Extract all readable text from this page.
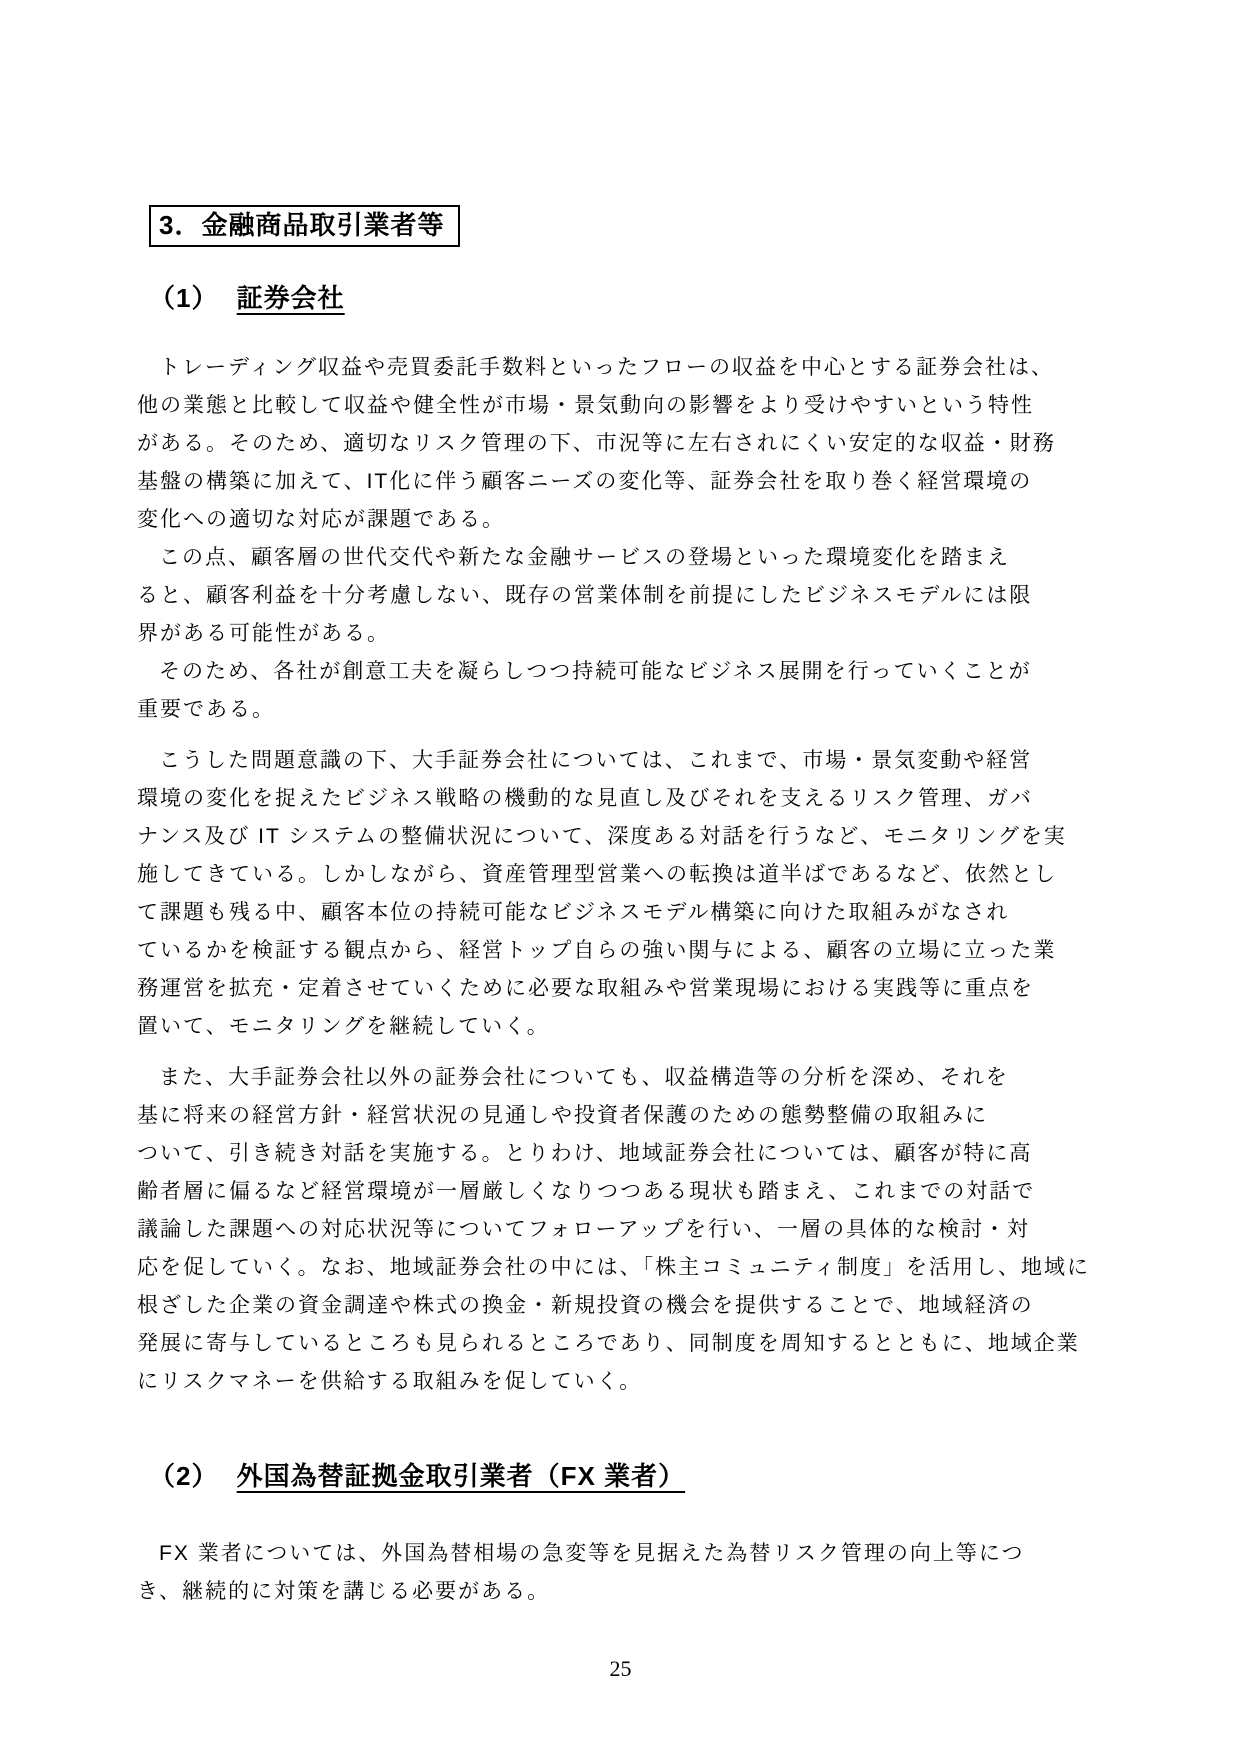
3．金融商品取引業者等
（1） 証券会社
トレーディング収益や売買委託手数料といったフローの収益を中心とする証券会社は、
他の業態と比較して収益や健全性が市場・景気動向の影響をより受けやすいという特性
がある。そのため、適切なリスク管理の下、市況等に左右されにくい安定的な収益・財務
基盤の構築に加えて、IT化に伴う顧客ニーズの変化等、証券会社を取り巻く経営環境の
変化への適切な対応が課題である。
この点、顧客層の世代交代や新たな金融サービスの登場といった環境変化を踏まえ
ると、顧客利益を十分考慮しない、既存の営業体制を前提にしたビジネスモデルには限
界がある可能性がある。
そのため、各社が創意工夫を凝らしつつ持続可能なビジネス展開を行っていくことが
重要である。
こうした問題意識の下、大手証券会社については、これまで、市場・景気変動や経営
環境の変化を捉えたビジネス戦略の機動的な見直し及びそれを支えるリスク管理、ガバ
ナンス及び IT システムの整備状況について、深度ある対話を行うなど、モニタリングを実
施してきている。しかしながら、資産管理型営業への転換は道半ばであるなど、依然とし
て課題も残る中、顧客本位の持続可能なビジネスモデル構築に向けた取組みがなされ
ているかを検証する観点から、経営トップ自らの強い関与による、顧客の立場に立った業
務運営を拡充・定着させていくために必要な取組みや営業現場における実践等に重点を
置いて、モニタリングを継続していく。
また、大手証券会社以外の証券会社についても、収益構造等の分析を深め、それを
基に将来の経営方針・経営状況の見通しや投資者保護のための態勢整備の取組みに
ついて、引き続き対話を実施する。とりわけ、地域証券会社については、顧客が特に高
齢者層に偏るなど経営環境が一層厳しくなりつつある現状も踏まえ、これまでの対話で
議論した課題への対応状況等についてフォローアップを行い、一層の具体的な検討・対
応を促していく。なお、地域証券会社の中には、「株主コミュニティ制度」を活用し、地域に
根ざした企業の資金調達や株式の換金・新規投資の機会を提供することで、地域経済の
発展に寄与しているところも見られるところであり、同制度を周知するとともに、地域企業
にリスクマネーを供給する取組みを促していく。
（2） 外国為替証拠金取引業者（FX 業者）
FX 業者については、外国為替相場の急変等を見据えた為替リスク管理の向上等につ
き、継続的に対策を講じる必要がある。
25
